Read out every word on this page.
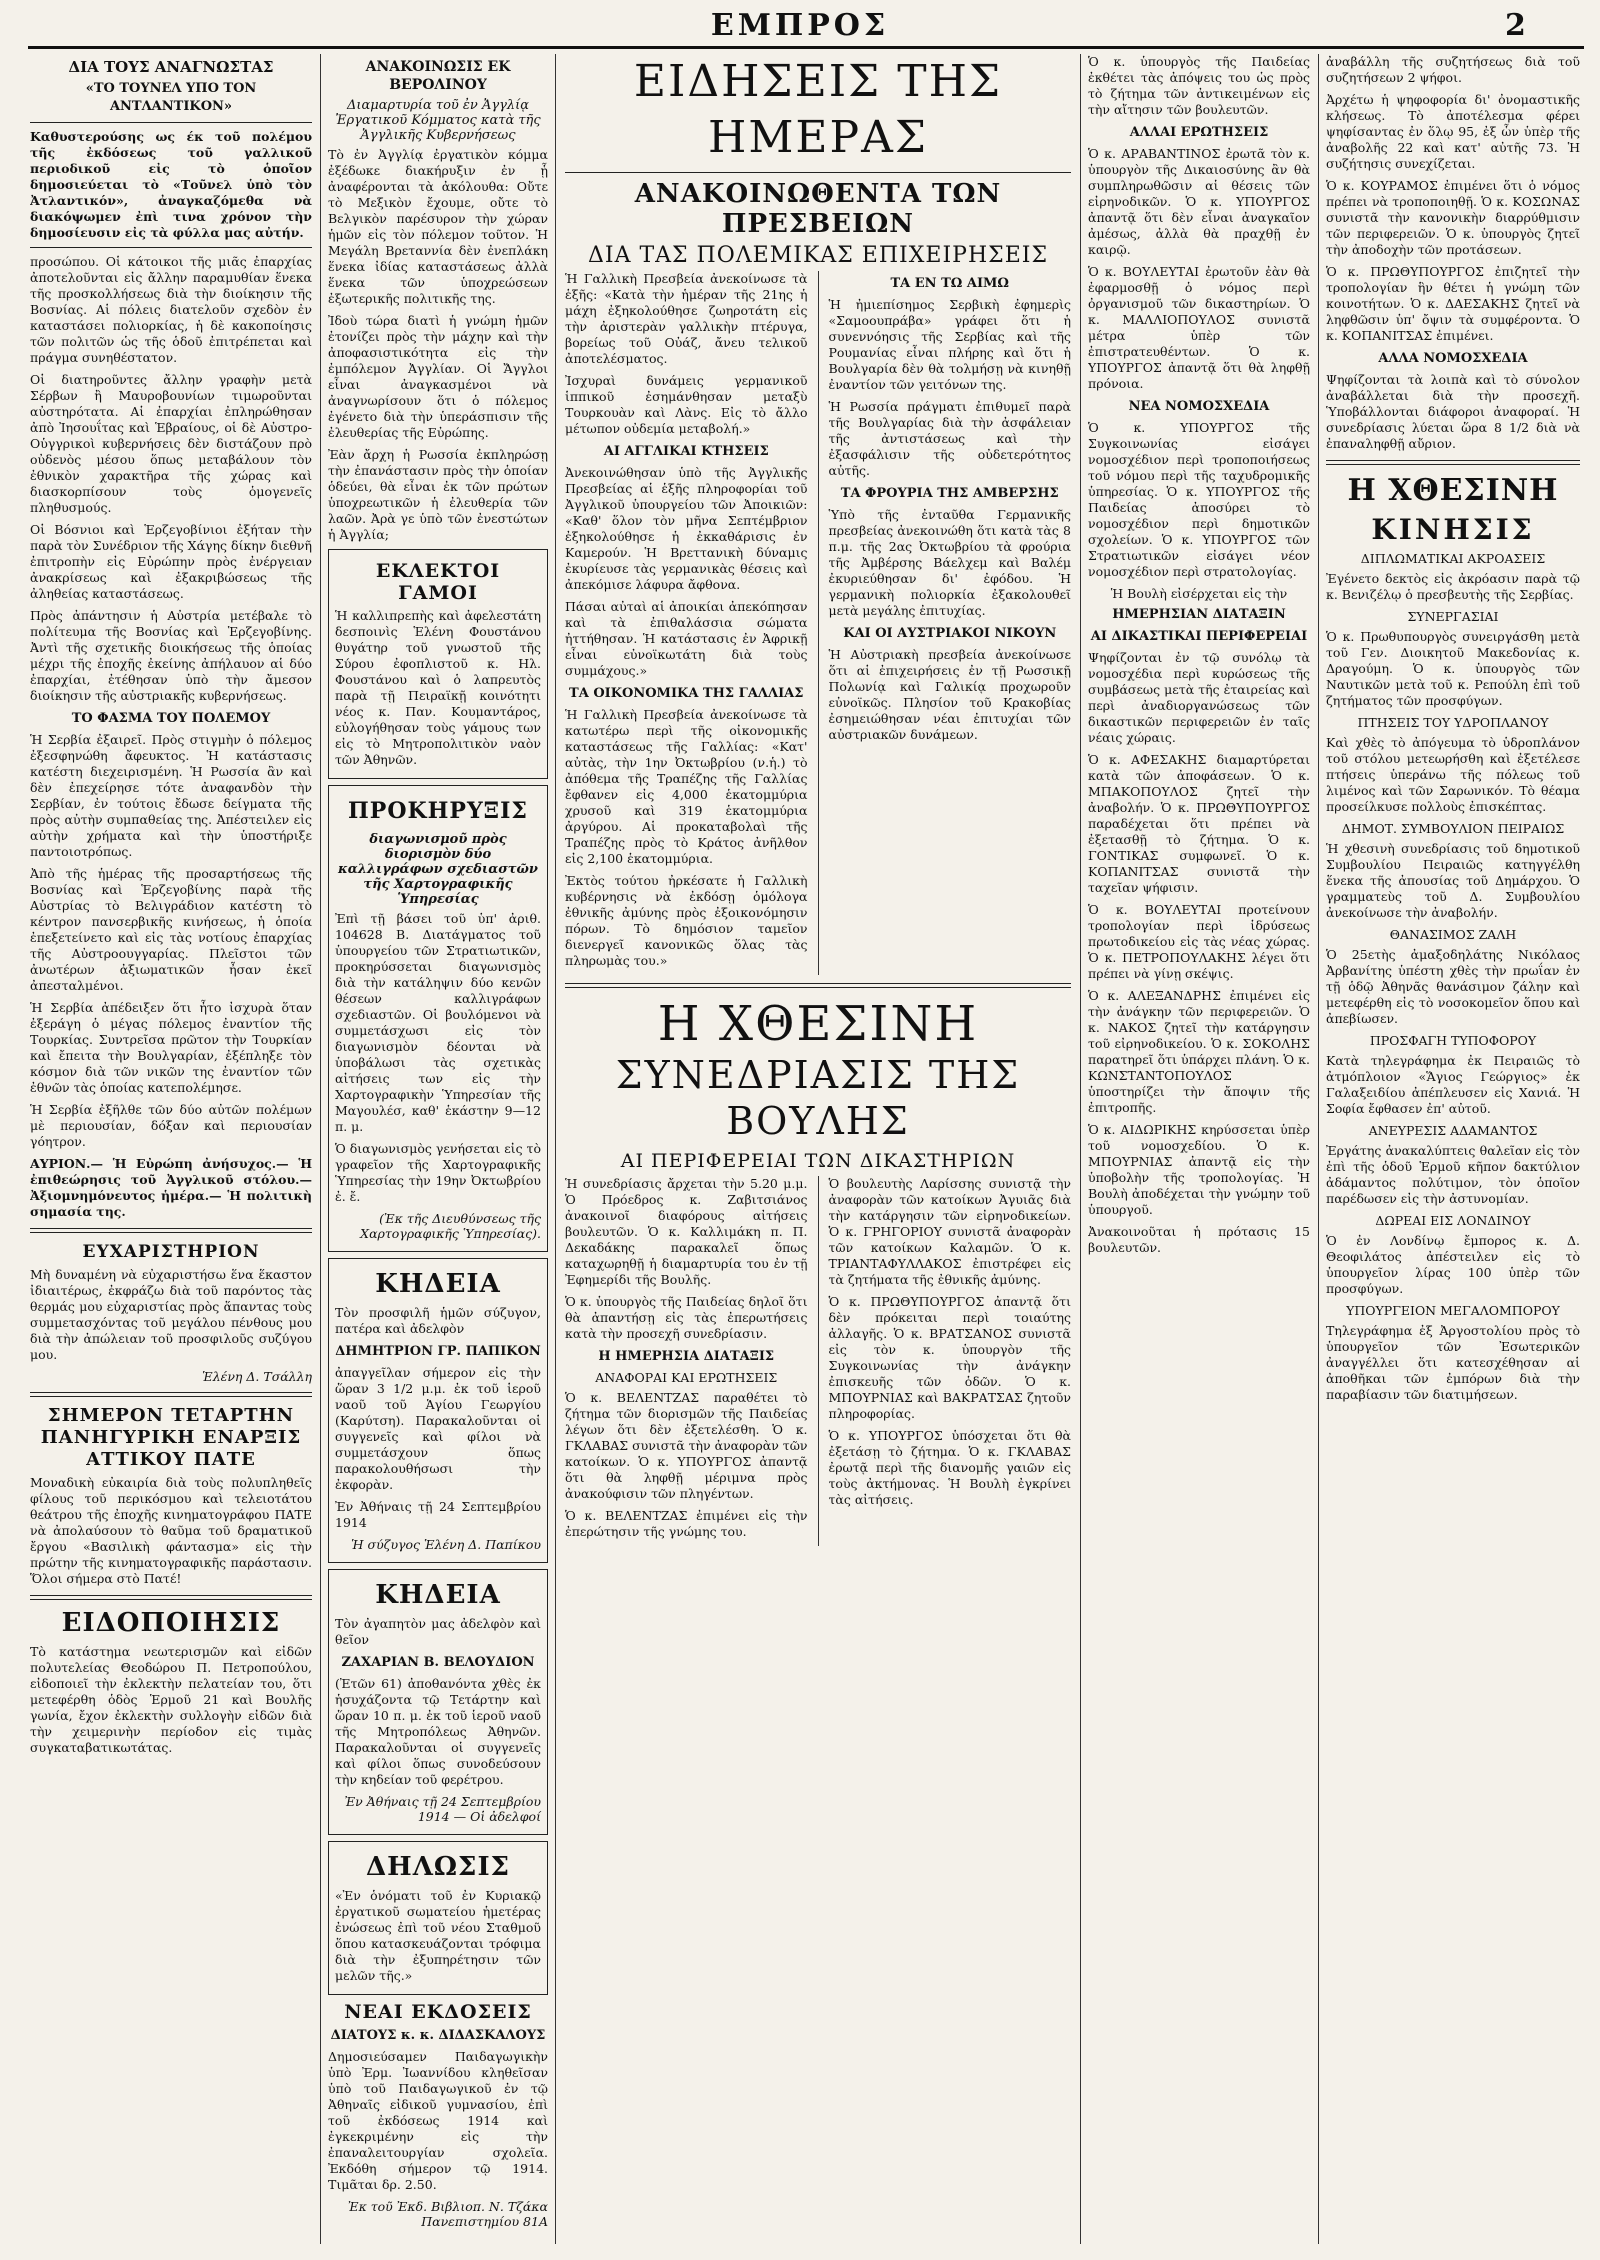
ΕΜΠΡΟΣ	2
ΔΙΑ ΤΟΥΣ ΑΝΑΓΝΩΣΤΑΣ
«ΤΟ ΤΟΥΝΕΛ ΥΠΟ ΤΟΝ ΑΝΤΛΑΝΤΙΚΟΝ»

Καθυστερούσης ως έκ τοῦ πολέμου τῆς ἐκδόσεως τοῦ γαλλικοῦ περιοδικοῦ εἰς τὸ ὁποῖον δημοσιεύεται τὸ «Τοῦνελ ὑπὸ τὸν Ἀτλαντικόν», ἀναγκαζόμεθα νὰ διακόψωμεν ἐπὶ τινα χρόνον τὴν δημοσίευσιν εἰς τὰ φύλλα μας αὐτήν.

προσώπου. Οἱ κάτοικοι τῆς μιᾶς ἐπαρχίας ἀποτελοῦνται εἰς ἄλλην παραμυθίαν ἕνεκα τῆς προσκολλήσεως διὰ τὴν διοίκησιν τῆς Βοσνίας. Αἱ πόλεις διατελοῦν σχεδὸν ἐν καταστάσει πολιορκίας, ἡ δὲ κακοποίησις τῶν πολιτῶν ὡς τῆς ὁδοῦ ἐπιτρέπεται καὶ πράγμα συνηθέστατον.

Οἱ διατηροῦντες ἄλλην γραφὴν μετὰ Σέρβων ἢ Μαυροβουνίων τιμωροῦνται αὐστηρότατα. Αἱ ἐπαρχίαι ἐπληρώθησαν ἀπὸ Ἰησουΐτας καὶ Ἑβραίους, οἱ δὲ Αὐστρο-Οὑγγρικοὶ κυβερνήσεις δὲν διστάζουν πρὸ οὐδενὸς μέσου ὅπως μεταβάλουν τὸν ἐθνικὸν χαρακτῆρα τῆς χώρας καὶ διασκορπίσουν τοὺς ὁμογενεῖς πληθυσμούς.

Οἱ Βόσνιοι καὶ Ἑρζεγοβίνιοι ἐξήταν τὴν παρὰ τὸν Συνέδριον τῆς Χάγης δίκην διεθνῆ ἐπιτροπὴν εἰς Εὐρώπην πρὸς ἐνέργειαν ἀνακρίσεως καὶ ἐξακριβώσεως τῆς ἀληθείας καταστάσεως.

Πρὸς ἀπάντησιν ἡ Αὐστρία μετέβαλε τὸ πολίτευμα τῆς Βοσνίας καὶ Ἑρζεγοβίνης. Ἀντὶ τῆς σχετικῆς διοικήσεως τῆς ὁποίας μέχρι τῆς ἐποχῆς ἐκείνης ἀπήλαυον αἱ δύο ἐπαρχίαι, ἐτέθησαν ὑπὸ τὴν ἄμεσον διοίκησιν τῆς αὐστριακῆς κυβερνήσεως.

ΤΟ ΦΑΣΜΑ ΤΟΥ ΠΟΛΕΜΟΥ

Ἡ Σερβία ἐξαιρεῖ. Πρὸς στιγμὴν ὁ πόλεμος ἐξεσφηνώθη ἄφευκτος. Ἡ κατάστασις κατέστη διεχειρισμένη. Ἡ Ρωσσία ἂν καὶ δὲν ἐπεχείρησε τότε ἀναφανδὸν τὴν Σερβίαν, ἐν τούτοις ἔδωσε δείγματα τῆς πρὸς αὐτὴν συμπαθείας της. Ἀπέστειλεν εἰς αὐτὴν χρήματα καὶ τὴν ὑποστήριξε παντοιοτρόπως.

Ἀπὸ τῆς ἡμέρας τῆς προσαρτήσεως τῆς Βοσνίας καὶ Ἑρζεγοβίνης παρὰ τῆς Αὐστρίας τὸ Βελιγράδιον κατέστη τὸ κέντρον πανσερβικῆς κινήσεως, ἡ ὁποία ἐπεξετείνετο καὶ εἰς τὰς νοτίους ἐπαρχίας τῆς Αὐστροουγγαρίας. Πλεῖστοι τῶν ἀνωτέρων ἀξιωματικῶν ἦσαν ἐκεῖ ἀπεσταλμένοι.

Ἡ Σερβία ἀπέδειξεν ὅτι ἦτο ἰσχυρὰ ὅταν ἐξεράγη ὁ μέγας πόλεμος ἐναντίον τῆς Τουρκίας. Συντρεῖσα πρῶτον τὴν Τουρκίαν καὶ ἔπειτα τὴν Βουλγαρίαν, ἐξέπληξε τὸν κόσμον διὰ τῶν νικῶν της ἐναντίον τῶν ἐθνῶν τὰς ὁποίας κατεπολέμησε.

Ἡ Σερβία ἐξῆλθε τῶν δύο αὐτῶν πολέμων μὲ περιουσίαν, δόξαν καὶ περιουσίαν γόητρον.

ΑΥΡΙΟΝ.— Ἡ Εὐρώπη ἀνήσυχος.— Ἡ ἐπιθεώρησις τοῦ Ἀγγλικοῦ στόλου.— Ἀξιομνημόνευτος ἡμέρα.— Ἡ πολιτικὴ σημασία της.

ΕΥΧΑΡΙΣΤΗΡΙΟΝ

Μὴ δυναμένη νὰ εὐχαριστήσω ἕνα ἕκαστον ἰδιαιτέρως, ἐκφράζω διὰ τοῦ παρόντος τὰς θερμάς μου εὐχαριστίας πρὸς ἅπαντας τοὺς συμμετασχόντας τοῦ μεγάλου πένθους μου διὰ τὴν ἀπώλειαν τοῦ προσφιλοῦς συζύγου μου.

Ἑλένη Δ. Τσάλλη
ΣΗΜΕΡΟΝ ΤΕΤΑΡΤΗΝ ΠΑΝΗΓΥΡΙΚΗ ΕΝΑΡΞΙΣ ΑΤΤΙΚΟΥ ΠΑΤΕ

Μοναδικὴ εὐκαιρία διὰ τοὺς πολυπληθεῖς φίλους τοῦ περικόσμου καὶ τελειοτάτου θεάτρου τῆς ἐποχῆς κινηματογράφου ΠΑΤΕ νὰ ἀπολαύσουν τὸ θαῦμα τοῦ δραματικοῦ ἔργου «Βασιλικὴ φάντασμα» εἰς τὴν πρώτην τῆς κινηματογραφικῆς παράστασιν. Ὅλοι σήμερα στὸ Πατέ!

ΕΙΔΟΠΟΙΗΣΙΣ

Τὸ κατάστημα νεωτερισμῶν καὶ εἰδῶν πολυτελείας Θεοδώρου Π. Πετροπούλου, εἰδοποιεῖ τὴν ἐκλεκτὴν πελατείαν του, ὅτι μετεφέρθη ὁδὸς Ἑρμοῦ 21 καὶ Βουλῆς γωνία, ἔχον ἐκλεκτὴν συλλογὴν εἰδῶν διὰ τὴν χειμερινὴν περίοδον εἰς τιμὰς συγκαταβατικωτάτας.

ΑΝΑΚΟΙΝΩΣΙΣ ΕΚ ΒΕΡΟΛΙΝΟΥ
Διαμαρτυρία τοῦ ἐν Ἀγγλίᾳ Ἐργατικοῦ Κόμματος κατὰ τῆς Ἀγγλικῆς Κυβερνήσεως

Τὸ ἐν Ἀγγλίᾳ ἐργατικὸν κόμμα ἐξέδωκε διακήρυξιν ἐν ᾗ ἀναφέρονται τὰ ἀκόλουθα: Οὔτε τὸ Μεξικὸν ἔχουμε, οὔτε τὸ Βελγικὸν παρέσυρον τὴν χώραν ἡμῶν εἰς τὸν πόλεμον τοῦτον. Ἡ Μεγάλη Βρεταννία δὲν ἐνεπλάκη ἕνεκα ἰδίας καταστάσεως ἀλλὰ ἕνεκα τῶν ὑποχρεώσεων ἐξωτερικῆς πολιτικῆς της.

Ἰδοὺ τώρα διατὶ ἡ γνώμη ἡμῶν ἐτονίζει πρὸς τὴν μάχην καὶ τὴν ἀποφασιστικότητα εἰς τὴν ἐμπόλεμον Ἀγγλίαν. Οἱ Ἄγγλοι εἶναι ἀναγκασμένοι νὰ ἀναγνωρίσουν ὅτι ὁ πόλεμος ἐγένετο διὰ τὴν ὑπεράσπισιν τῆς ἐλευθερίας τῆς Εὐρώπης.

Ἐὰν ἄρχη ἡ Ρωσσία ἐκπληρώσῃ τὴν ἐπανάστασιν πρὸς τὴν ὁποίαν ὁδεύει, θὰ εἶναι ἐκ τῶν πρώτων ὑποχρεωτικῶν ἡ ἐλευθερία τῶν λαῶν. Ἀρὰ γε ὑπὸ τῶν ἐνεστώτων ἡ Ἀγγλία;

ΕΚΛΕΚΤΟΙ ΓΑΜΟΙ

Ἡ καλλιπρεπὴς καὶ ἀφελεστάτη δεσποινὶς Ἑλένη Φουστάνου θυγάτηρ τοῦ γνωστοῦ τῆς Σύρου ἐφοπλιστοῦ κ. Ηλ. Φουστάνου καὶ ὁ λαπρευτὸς παρὰ τῇ Πειραϊκῇ κοινότητι νέος κ. Παν. Κουμαντάρος, εὐλογήθησαν τοὺς γάμους των εἰς τὸ Μητροπολιτικὸν ναὸν τῶν Ἀθηνῶν.

ΠΡΟΚΗΡΥΞΙΣ
διαγωνισμοῦ πρὸς διορισμὸν δύο καλλιγράφων σχεδιαστῶν τῆς Χαρτογραφικῆς Ὑπηρεσίας

Ἐπὶ τῇ βάσει τοῦ ὑπ' ἀριθ. 104628 Β. Διατάγματος τοῦ ὑπουργείου τῶν Στρατιωτικῶν, προκηρύσσεται διαγωνισμὸς διὰ τὴν κατάληψιν δύο κενῶν θέσεων καλλιγράφων σχεδιαστῶν. Οἱ βουλόμενοι νὰ συμμετάσχωσι εἰς τὸν διαγωνισμὸν δέονται νὰ ὑποβάλωσι τὰς σχετικὰς αἰτήσεις των εἰς τὴν Χαρτογραφικὴν Ὑπηρεσίαν τῆς Μαγουλέσ, καθ' ἑκάστην 9—12 π. μ.

Ὁ διαγωνισμὸς γενήσεται εἰς τὸ γραφεῖον τῆς Χαρτογραφικῆς Ὑπηρεσίας τὴν 19ην Ὀκτωβρίου ἐ. ἔ.

(Ἐκ τῆς Διευθύνσεως τῆς Χαρτογραφικῆς Ὑπηρεσίας).
ΚΗΔΕΙΑ

Τὸν προσφιλῆ ἡμῶν σύζυγον, πατέρα καὶ ἀδελφὸν

ΔΗΜΗΤΡΙΟΝ ΓΡ. ΠΑΠΙΚΟΝ

ἀπαγγεῖλαν σήμερον εἰς τὴν ὥραν 3 1/2 μ.μ. ἐκ τοῦ ἱεροῦ ναοῦ τοῦ Ἁγίου Γεωργίου (Καρύτση). Παρακαλοῦνται οἱ συγγενεῖς καὶ φίλοι νὰ συμμετάσχουν ὅπως παρακολουθήσωσι τὴν ἐκφορὰν.

Ἐν Ἀθήναις τῇ 24 Σεπτεμβρίου 1914

Ἡ σύζυγος Ἑλένη Δ. Παπίκου
ΚΗΔΕΙΑ

Τὸν ἀγαπητὸν μας ἀδελφὸν καὶ θεῖον

ΖΑΧΑΡΙΑΝ Β. ΒΕΛΟΥΔΙΟΝ

(Ἐτῶν 61) ἀποθανόντα χθὲς ἐκ ἡσυχάζοντα τῷ Τετάρτην καὶ ὥραν 10 π. μ. ἐκ τοῦ ἱεροῦ ναοῦ τῆς Μητροπόλεως Ἀθηνῶν. Παρακαλοῦνται οἱ συγγενεῖς καὶ φίλοι ὅπως συνοδεύσουν τὴν κηδείαν τοῦ φερέτρου.

Ἐν Ἀθήναις τῇ 24 Σεπτεμβρίου 1914 — Οἱ ἀδελφοί
ΔΗΛΩΣΙΣ

«Ἐν ὁνόματι τοῦ ἐν Κυριακῷ ἐργατικοῦ σωματείου ἡμετέρας ἐνώσεως ἐπὶ τοῦ νέου Σταθμοῦ ὅπου κατασκευάζονται τρόφιμα διὰ τὴν ἐξυπηρέτησιν τῶν μελῶν τῆς.»

ΝΕΑΙ ΕΚΔΟΣΕΙΣ
ΔΙΑΤΟΥΣ κ. κ. ΔΙΔΑΣΚΑΛΟΥΣ

Δημοσιεύσαμεν Παιδαγωγικὴν ὑπὸ Ἐρμ. Ἰωαννίδου κληθεῖσαν ὑπὸ τοῦ Παιδαγωγικοῦ ἐν τῷ Ἀθηναῖς εἰδικοῦ γυμνασίου, ἐπὶ τοῦ ἐκδόσεως 1914 καὶ ἐγκεκριμένην εἰς τὴν ἐπαναλειτουργίαν σχολεῖα. Ἐκδόθη σήμερον τῷ 1914. Τιμᾶται δρ. 2.50.

Ἐκ τοῦ Ἐκδ. Βιβλιοπ. Ν. Τζάκα Πανεπιστημίου 81Α
ΕΙΔΗΣΕΙΣ ΤΗΣ ΗΜΕΡΑΣ
ΑΝΑΚΟΙΝΩΘΕΝΤΑ ΤΩΝ ΠΡΕΣΒΕΙΩΝ
ΔΙΑ ΤΑΣ ΠΟΛΕΜΙΚΑΣ ΕΠΙΧΕΙΡΗΣΕΙΣ

Ἡ Γαλλικὴ Πρεσβεία ἀνεκοίνωσε τὰ ἑξῆς: «Κατὰ τὴν ἡμέραν τῆς 21ης ἡ μάχη ἐξηκολούθησε ζωηροτάτη εἰς τὴν ἀριστερὰν γαλλικὴν πτέρυγα, βορείως τοῦ Οὐάζ, ἄνευ τελικοῦ ἀποτελέσματος.

Ἰσχυραὶ δυνάμεις γερμανικοῦ ἱππικοῦ ἐσημάνθησαν μεταξὺ Τουρκουὰν καὶ Λὰνς. Εἰς τὸ ἄλλο μέτωπον οὐδεμία μεταβολή.»

ΑΙ ΑΓΓΛΙΚΑΙ ΚΤΗΣΕΙΣ

Ἀνεκοινώθησαν ὑπὸ τῆς Ἀγγλικῆς Πρεσβείας αἱ ἑξῆς πληροφορίαι τοῦ Ἀγγλικοῦ ὑπουργείου τῶν Ἀποικιῶν: «Καθ' ὅλον τὸν μῆνα Σεπτέμβριον ἐξηκολούθησε ἡ ἐκκαθάρισις ἐν Καμερούν. Ἡ Βρεττανικὴ δύναμις ἐκυρίευσε τὰς γερμανικὰς θέσεις καὶ ἀπεκόμισε λάφυρα ἄφθονα.

Πάσαι αὐταὶ αἱ ἀποικίαι ἀπεκόπησαν καὶ τὰ ἐπιθαλάσσια σώματα ἠττήθησαν. Ἡ κατάστασις ἐν Ἀφρικῇ εἶναι εὐνοϊκωτάτη διὰ τοὺς συμμάχους.»

ΤΑ ΟΙΚΟΝΟΜΙΚΑ ΤΗΣ ΓΑΛΛΙΑΣ

Ἡ Γαλλικὴ Πρεσβεία ἀνεκοίνωσε τὰ κατωτέρω περὶ τῆς οἰκονομικῆς καταστάσεως τῆς Γαλλίας: «Κατ' αὐτὰς, τὴν 1ην Ὀκτωβρίου (ν.ἡ.) τὸ ἀπόθεμα τῆς Τραπέζης τῆς Γαλλίας ἔφθανεν εἰς 4,000 ἑκατομμύρια χρυσοῦ καὶ 319 ἑκατομμύρια ἀργύρου. Αἱ προκαταβολαὶ τῆς Τραπέζης πρὸς τὸ Κράτος ἀνῆλθον εἰς 2,100 ἑκατομμύρια.

Ἐκτὸς τούτου ἠρκέσατε ἡ Γαλλικὴ κυβέρνησις νὰ ἐκδόσῃ ὁμόλογα ἐθνικῆς ἀμύνης πρὸς ἐξοικονόμησιν πόρων. Τὸ δημόσιον ταμεῖον διενεργεῖ κανονικῶς ὅλας τὰς πληρωμὰς του.»

ΤΑ ΕΝ ΤΩ ΑΙΜΩ

Ἡ ἠμιεπίσημος Σερβικὴ ἐφημερὶς «Σαμοουπράβα» γράφει ὅτι ἡ συνεννόησις τῆς Σερβίας καὶ τῆς Ρουμανίας εἶναι πλήρης καὶ ὅτι ἡ Βουλγαρία δὲν θὰ τολμήσῃ νὰ κινηθῇ ἐναντίον τῶν γειτόνων της.

Ἡ Ρωσσία πράγματι ἐπιθυμεῖ παρὰ τῆς Βουλγαρίας διὰ τὴν ἀσφάλειαν τῆς ἀντιστάσεως καὶ τὴν ἐξασφάλισιν τῆς οὐδετερότητος αὐτῆς.

ΤΑ ΦΡΟΥΡΙΑ ΤΗΣ ΑΜΒΕΡΣΗΣ

Ὑπὸ τῆς ἐνταῦθα Γερμανικῆς πρεσβείας ἀνεκοινώθη ὅτι κατὰ τὰς 8 π.μ. τῆς 2ας Ὀκτωβρίου τὰ φρούρια τῆς Ἀμβέρσης Βάελχεμ καὶ Βαλέμ ἐκυριεύθησαν δι' ἐφόδου. Ἡ γερμανικὴ πολιορκία ἐξακολουθεῖ μετὰ μεγάλης ἐπιτυχίας.

ΚΑΙ ΟΙ ΑΥΣΤΡΙΑΚΟΙ ΝΙΚΟΥΝ

Ἡ Αὐστριακὴ πρεσβεία ἀνεκοίνωσε ὅτι αἱ ἐπιχειρήσεις ἐν τῇ Ρωσσικῇ Πολωνίᾳ καὶ Γαλικίᾳ προχωροῦν εὐνοϊκῶς. Πλησίον τοῦ Κρακοβίας ἐσημειώθησαν νέαι ἐπιτυχίαι τῶν αὐστριακῶν δυνάμεων.

Η ΧΘΕΣΙΝΗ
ΣΥΝΕΔΡΙΑΣΙΣ ΤΗΣ ΒΟΥΛΗΣ
ΑΙ ΠΕΡΙΦΕΡΕΙΑΙ ΤΩΝ ΔΙΚΑΣΤΗΡΙΩΝ

Ἡ συνεδρίασις ἄρχεται τὴν 5.20 μ.μ. Ὁ Πρόεδρος κ. Ζαβιτσιάνος ἀνακοινοῖ διαφόρους αἰτήσεις βουλευτῶν. Ὁ κ. Καλλιμάκη π. Π. Δεκαδάκης παρακαλεῖ ὅπως καταχωρηθῇ ἡ διαμαρτυρία του ἐν τῇ Ἐφημερίδι τῆς Βουλῆς.

Ὁ κ. ὑπουργὸς τῆς Παιδείας δηλοῖ ὅτι θὰ ἀπαντήσῃ εἰς τὰς ἐπερωτήσεις κατὰ τὴν προσεχῆ συνεδρίασιν.

Η ΗΜΕΡΗΣΙΑ ΔΙΑΤΑΞΙΣ
ΑΝΑΦΟΡΑΙ ΚΑΙ ΕΡΩΤΗΣΕΙΣ

Ὁ κ. ΒΕΛΕΝΤΖΑΣ παραθέτει τὸ ζήτημα τῶν διορισμῶν τῆς Παιδείας λέγων ὅτι δὲν ἐξετελέσθη. Ὁ κ. ΓΚΛΑΒΑΣ συνιστᾶ τὴν ἀναφορὰν τῶν κατοίκων. Ὁ κ. ΥΠΟΥΡΓΟΣ ἀπαντᾷ ὅτι θὰ ληφθῇ μέριμνα πρὸς ἀνακούφισιν τῶν πληγέντων.

Ὁ κ. ΒΕΛΕΝΤΖΑΣ ἐπιμένει εἰς τὴν ἐπερώτησιν τῆς γνώμης του.

Ὁ βουλευτὴς Λαρίσσης συνιστᾷ τὴν ἀναφορὰν τῶν κατοίκων Ἀγυιᾶς διὰ τὴν κατάργησιν τῶν εἰρηνοδικείων. Ὁ κ. ΓΡΗΓΟΡΙΟΥ συνιστᾶ ἀναφορὰν τῶν κατοίκων Καλαμῶν. Ὁ κ. ΤΡΙΑΝΤΑΦΥΛΛΑΚΟΣ ἐπιστρέφει εἰς τὰ ζητήματα τῆς ἐθνικῆς ἀμύνης.

Ὁ κ. ΠΡΩΘΥΠΟΥΡΓΟΣ ἀπαντᾷ ὅτι δὲν πρόκειται περὶ τοιαύτης ἀλλαγῆς. Ὁ κ. ΒΡΑΤΣΑΝΟΣ συνιστᾶ εἰς τὸν κ. ὑπουργὸν τῆς Συγκοινωνίας τὴν ἀνάγκην ἐπισκευῆς τῶν ὁδῶν. Ὁ κ. ΜΠΟΥΡΝΙΑΣ καὶ ΒΑΚΡΑΤΣΑΣ ζητοῦν πληροφορίας.

Ὁ κ. ΥΠΟΥΡΓΟΣ ὑπόσχεται ὅτι θὰ ἐξετάσῃ τὸ ζήτημα. Ὁ κ. ΓΚΛΑΒΑΣ ἐρωτᾷ περὶ τῆς διανομῆς γαιῶν εἰς τοὺς ἀκτήμονας. Ἡ Βουλὴ ἐγκρίνει τὰς αἰτήσεις.

Ὁ κ. ὑπουργὸς τῆς Παιδείας ἐκθέτει τὰς ἀπόψεις του ὡς πρὸς τὸ ζήτημα τῶν ἀντικειμένων εἰς τὴν αἴτησιν τῶν βουλευτῶν.

ΑΛΛΑΙ ΕΡΩΤΗΣΕΙΣ

Ὁ κ. ΑΡΑΒΑΝΤΙΝΟΣ ἐρωτᾶ τὸν κ. ὑπουργὸν τῆς Δικαιοσύνης ἂν θὰ συμπληρωθῶσιν αἱ θέσεις τῶν εἰρηνοδικῶν. Ὁ κ. ΥΠΟΥΡΓΟΣ ἀπαντᾷ ὅτι δὲν εἶναι ἀναγκαῖον ἀμέσως, ἀλλὰ θὰ πραχθῇ ἐν καιρῷ.

Ὁ κ. ΒΟΥΛΕΥΤΑΙ ἐρωτοῦν ἐὰν θὰ ἐφαρμοσθῇ ὁ νόμος περὶ ὀργανισμοῦ τῶν δικαστηρίων. Ὁ κ. ΜΑΛΛΙΟΠΟΥΛΟΣ συνιστᾶ μέτρα ὑπὲρ τῶν ἐπιστρατευθέντων. Ὁ κ. ΥΠΟΥΡΓΟΣ ἀπαντᾷ ὅτι θὰ ληφθῇ πρόνοια.

ΝΕΑ ΝΟΜΟΣΧΕΔΙΑ

Ὁ κ. ΥΠΟΥΡΓΟΣ τῆς Συγκοινωνίας εἰσάγει νομοσχέδιον περὶ τροποποιήσεως τοῦ νόμου περὶ τῆς ταχυδρομικῆς ὑπηρεσίας. Ὁ κ. ΥΠΟΥΡΓΟΣ τῆς Παιδείας ἀποσύρει τὸ νομοσχέδιον περὶ δημοτικῶν σχολείων. Ὁ κ. ΥΠΟΥΡΓΟΣ τῶν Στρατιωτικῶν εἰσάγει νέον νομοσχέδιον περὶ στρατολογίας.

Ἡ Βουλὴ εἰσέρχεται εἰς τὴν
ΗΜΕΡΗΣΙΑΝ ΔΙΑΤΑΞΙΝ
ΑΙ ΔΙΚΑΣΤΙΚΑΙ ΠΕΡΙΦΕΡΕΙΑΙ

Ψηφίζονται ἐν τῷ συνόλῳ τὰ νομοσχέδια περὶ κυρώσεως τῆς συμβάσεως μετὰ τῆς ἐταιρείας καὶ περὶ ἀναδιοργανώσεως τῶν δικαστικῶν περιφερειῶν ἐν ταῖς νέαις χώραις.

Ὁ κ. ΑΦΕΣΑΚΗΣ διαμαρτύρεται κατὰ τῶν ἀποφάσεων. Ὁ κ. ΜΠΑΚΟΠΟΥΛΟΣ ζητεῖ τὴν ἀναβολήν. Ὁ κ. ΠΡΩΘΥΠΟΥΡΓΟΣ παραδέχεται ὅτι πρέπει νὰ ἐξετασθῇ τὸ ζήτημα. Ὁ κ. ΓΟΝΤΙΚΑΣ συμφωνεῖ. Ὁ κ. ΚΟΠΑΝΙΤΣΑΣ συνιστᾶ τὴν ταχεῖαν ψήφισιν.

Ὁ κ. ΒΟΥΛΕΥΤΑΙ προτείνουν τροπολογίαν περὶ ἱδρύσεως πρωτοδικείου εἰς τὰς νέας χώρας. Ὁ κ. ΠΕΤΡΟΠΟΥΛΑΚΗΣ λέγει ὅτι πρέπει νὰ γίνῃ σκέψις.

Ὁ κ. ΑΛΕΞΑΝΔΡΗΣ ἐπιμένει εἰς τὴν ἀνάγκην τῶν περιφερειῶν. Ὁ κ. ΝΑΚΟΣ ζητεῖ τὴν κατάργησιν τοῦ εἰρηνοδικείου. Ὁ κ. ΣΟΚΟΛΗΣ παρατηρεῖ ὅτι ὑπάρχει πλάνη. Ὁ κ. ΚΩΝΣΤΑΝΤΟΠΟΥΛΟΣ ὑποστηρίζει τὴν ἄποψιν τῆς ἐπιτροπῆς.

Ὁ κ. ΑΙΔΩΡΙΚΗΣ κηρύσσεται ὑπὲρ τοῦ νομοσχεδίου. Ὁ κ. ΜΠΟΥΡΝΙΑΣ ἀπαντᾷ εἰς τὴν ὑποβολὴν τῆς τροπολογίας. Ἡ Βουλὴ ἀποδέχεται τὴν γνώμην τοῦ ὑπουργοῦ.

Ἀνακοινοῦται ἡ πρότασις 15 βουλευτῶν.

ἀναβάλλη τῆς συζητήσεως διὰ τοῦ συζητήσεων 2 ψήφοι.

Ἀρχέτω ἡ ψηφοφορία δι' ὀνομαστικῆς κλήσεως. Τὸ ἀποτέλεσμα φέρει ψηφίσαντας ἐν ὅλῳ 95, ἐξ ὧν ὑπὲρ τῆς ἀναβολῆς 22 καὶ κατ' αὐτῆς 73. Ἡ συζήτησις συνεχίζεται.

Ὁ κ. ΚΟΥΡΑΜΟΣ ἐπιμένει ὅτι ὁ νόμος πρέπει νὰ τροποποιηθῇ. Ὁ κ. ΚΟΣΩΝΑΣ συνιστᾶ τὴν κανονικὴν διαρρύθμισιν τῶν περιφερειῶν. Ὁ κ. ὑπουργὸς ζητεῖ τὴν ἀποδοχὴν τῶν προτάσεων.

Ὁ κ. ΠΡΩΘΥΠΟΥΡΓΟΣ ἐπιζητεῖ τὴν τροπολογίαν ἣν θέτει ἡ γνώμη τῶν κοινοτήτων. Ὁ κ. ΔΑΕΣΑΚΗΣ ζητεῖ νὰ ληφθῶσιν ὑπ' ὄψιν τὰ συμφέροντα. Ὁ κ. ΚΟΠΑΝΙΤΣΑΣ ἐπιμένει.

ΑΛΛΑ ΝΟΜΟΣΧΕΔΙΑ

Ψηφίζονται τὰ λοιπὰ καὶ τὸ σύνολον ἀναβάλλεται διὰ τὴν προσεχῆ. Ὑποβάλλονται διάφοροι ἀναφοραί. Ἡ συνεδρίασις λύεται ὥρα 8 1/2 διὰ νὰ ἐπαναληφθῇ αὔριον.

Η ΧΘΕΣΙΝΗ
ΚΙΝΗΣΙΣ
ΔΙΠΛΩΜΑΤΙΚΑΙ ΑΚΡΟΑΣΕΙΣ

Ἐγένετο δεκτὸς εἰς ἀκρόασιν παρὰ τῷ κ. Βενιζέλῳ ὁ πρεσβευτὴς τῆς Σερβίας.

ΣΥΝΕΡΓΑΣΙΑΙ

Ὁ κ. Πρωθυπουργὸς συνειργάσθη μετὰ τοῦ Γεν. Διοικητοῦ Μακεδονίας κ. Δραγούμη. Ὁ κ. ὑπουργὸς τῶν Ναυτικῶν μετὰ τοῦ κ. Ρεπούλη ἐπὶ τοῦ ζητήματος τῶν προσφύγων.

ΠΤΗΣΕΙΣ ΤΟΥ ΥΔΡΟΠΛΑΝΟΥ

Καὶ χθὲς τὸ ἀπόγευμα τὸ ὑδροπλάνον τοῦ στόλου μετεωρήσθη καὶ ἐξετέλεσε πτήσεις ὑπεράνω τῆς πόλεως τοῦ λιμένος καὶ τῶν Σαρωνικόν. Τὸ θέαμα προσείλκυσε πολλοὺς ἐπισκέπτας.

ΔΗΜΟΤ. ΣΥΜΒΟΥΛΙΟΝ ΠΕΙΡΑΙΩΣ

Ἡ χθεσινὴ συνεδρίασις τοῦ δημοτικοῦ Συμβουλίου Πειραιῶς κατηγγέλθη ἕνεκα τῆς ἀπουσίας τοῦ Δημάρχου. Ὁ γραμματεὺς τοῦ Δ. Συμβουλίου ἀνεκοίνωσε τὴν ἀναβολήν.

ΘΑΝΑΣΙΜΟΣ ΖΑΛΗ

Ὁ 25ετὴς ἀμαξοδηλάτης Νικόλαος Ἀρβανίτης ὑπέστη χθὲς τὴν πρωΐαν ἐν τῇ ὁδῷ Ἀθηνᾶς θανάσιμον ζάλην καὶ μετεφέρθη εἰς τὸ νοσοκομεῖον ὅπου καὶ ἀπεβίωσεν.

ΠΡΟΣΦΑΓΗ ΤΥΠΟΦΟΡΟΥ

Κατὰ τηλεγράφημα ἐκ Πειραιῶς τὸ ἀτμόπλοιον «Ἅγιος Γεώργιος» ἐκ Γαλαξειδίου ἀπέπλευσεν εἰς Χανιά. Ἡ Σοφία ἔφθασεν ἐπ' αὐτοῦ.

ΑΝΕΥΡΕΣΙΣ ΑΔΑΜΑΝΤΟΣ

Ἐργάτης ἀνακαλύπτεις θαλεῖαν εἰς τὸν ἐπὶ τῆς ὁδοῦ Ἑρμοῦ κῆπον δακτύλιον ἀδάμαντος πολύτιμον, τὸν ὁποῖον παρέδωσεν εἰς τὴν ἀστυνομίαν.

ΔΩΡΕΑΙ ΕΙΣ ΛΟΝΔΙΝΟΥ

Ὁ ἐν Λονδίνῳ ἔμπορος κ. Δ. Θεοφιλάτος ἀπέστειλεν εἰς τὸ ὑπουργεῖον λίρας 100 ὑπὲρ τῶν προσφύγων.

ΥΠΟΥΡΓΕΙΟΝ ΜΕΓΑΛΟΜΠΟΡΟΥ

Τηλεγράφημα ἐξ Ἀργοστολίου πρὸς τὸ ὑπουργεῖον τῶν Ἐσωτερικῶν ἀναγγέλλει ὅτι κατεσχέθησαν αἱ ἀποθῆκαι τῶν ἐμπόρων διὰ τὴν παραβίασιν τῶν διατιμήσεων.
